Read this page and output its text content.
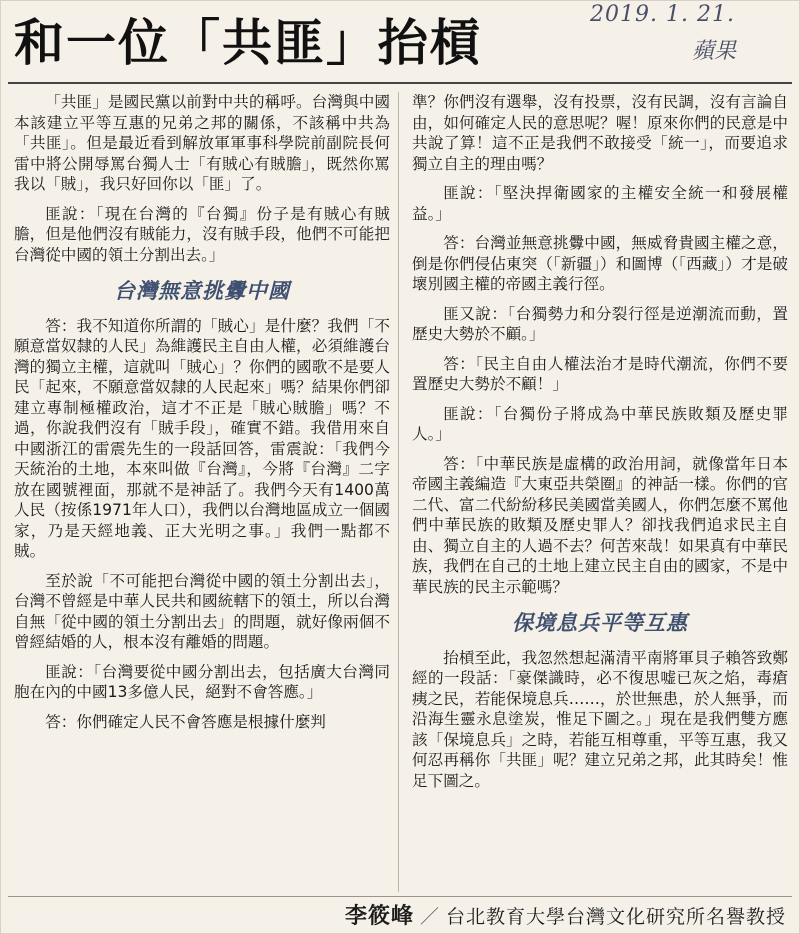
2019. 1. 21.
蘋果
和一位「共匪」抬槓

「共匪」是國民黨以前對中共的稱呼。台灣與中國本該建立平等互惠的兄弟之邦的關係，不該稱中共為「共匪」。但是最近看到解放軍軍事科學院前副院長何雷中將公開辱罵台獨人士「有賊心有賊膽」，既然你罵我以「賊」，我只好回你以「匪」了。

匪說：「現在台灣的『台獨』份子是有賊心有賊膽，但是他們沒有賊能力，沒有賊手段，他們不可能把台灣從中國的領土分割出去。」

台灣無意挑釁中國

答：我不知道你所謂的「賊心」是什麼？我們「不願意當奴隸的人民」為維護民主自由人權，必須維護台灣的獨立主權，這就叫「賊心」？你們的國歌不是要人民「起來，不願意當奴隸的人民起來」嗎？結果你們卻建立專制極權政治，這才不正是「賊心賊膽」嗎？不過，你說我們沒有「賊手段」，確實不錯。我借用來自中國浙江的雷震先生的一段話回答，雷震說：「我們今天統治的土地，本來叫做『台灣』，今將『台灣』二字放在國號裡面，那就不是神話了。我們今天有1400萬人民（按係1971年人口），我們以台灣地區成立一個國家，乃是天經地義、正大光明之事。」我們一點都不賊。

至於說「不可能把台灣從中國的領土分割出去」，台灣不曾經是中華人民共和國統轄下的領土，所以台灣自無「從中國的領土分割出去」的問題，就好像兩個不曾經結婚的人，根本沒有離婚的問題。

匪說：「台灣要從中國分割出去，包括廣大台灣同胞在內的中國13多億人民，絕對不會答應。」

答：你們確定人民不會答應是根據什麼判

準？你們沒有選舉，沒有投票，沒有民調，沒有言論自由，如何確定人民的意思呢？喔！原來你們的民意是中共說了算！這不正是我們不敢接受「統一」，而要追求獨立自主的理由嗎？

匪說：「堅決捍衛國家的主權安全統一和發展權益。」

答：台灣並無意挑釁中國，無威脅貴國主權之意，倒是你們侵佔東突（「新疆」）和圖博（「西藏」）才是破壞別國主權的帝國主義行徑。

匪又說：「台獨勢力和分裂行徑是逆潮流而動，置歷史大勢於不顧。」

答：「民主自由人權法治才是時代潮流，你們不要置歷史大勢於不顧！」

匪說：「台獨份子將成為中華民族敗類及歷史罪人。」

答：「中華民族是虛構的政治用詞，就像當年日本帝國主義編造『大東亞共榮圈』的神話一樣。你們的官二代、富二代紛紛移民美國當美國人，你們怎麼不罵他們中華民族的敗類及歷史罪人？卻找我們追求民主自由、獨立自主的人過不去？何苦來哉！如果真有中華民族，我們在自己的土地上建立民主自由的國家，不是中華民族的民主示範嗎？

保境息兵平等互惠

抬槓至此，我忽然想起滿清平南將軍貝子賴答致鄭經的一段話：「豪傑識時，必不復思嘘已灰之焰，毒瘡痍之民，若能保境息兵……，於世無患，於人無爭，而沿海生靈永息塗炭，惟足下圖之。」現在是我們雙方應該「保境息兵」之時，若能互相尊重，平等互惠，我又何忍再稱你「共匪」呢？建立兄弟之邦，此其時矣！惟足下圖之。

李筱峰 ／ 台北教育大學台灣文化研究所名譽教授
